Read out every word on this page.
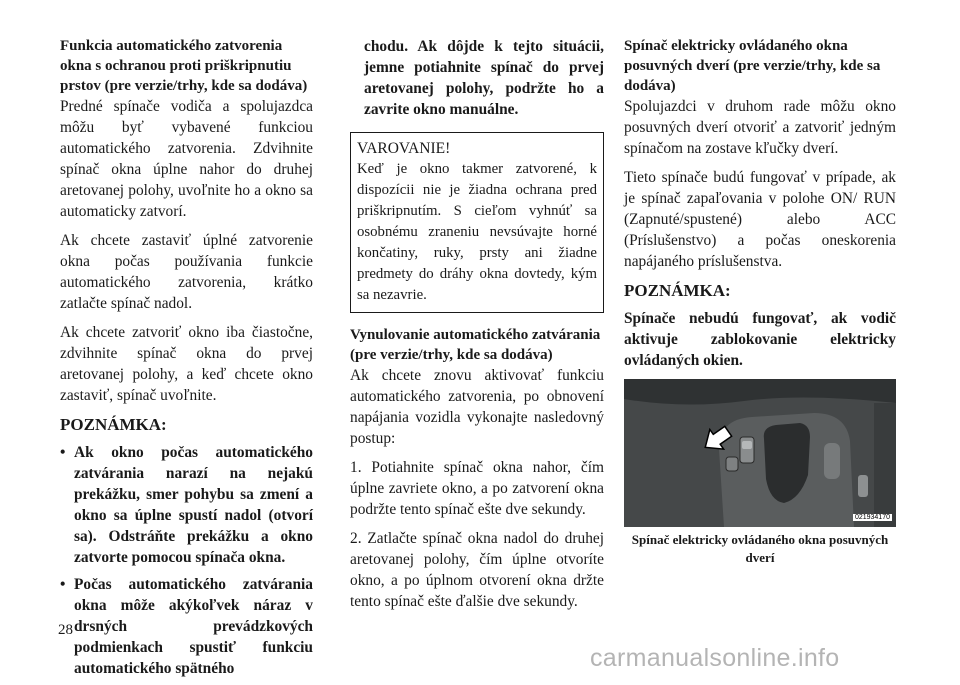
Funkcia automatického zatvorenia okna s ochranou proti priškripnutiu prstov (pre verzie/trhy, kde sa dodáva)

Predné spínače vodiča a spolujazdca môžu byť vybavené funkciou automatického zatvorenia. Zdvihnite spínač okna úplne nahor do druhej aretovanej polohy, uvoľnite ho a okno sa automaticky zatvorí.

Ak chcete zastaviť úplné zatvorenie okna počas používania funkcie automatického zatvorenia, krátko zatlačte spínač nadol.

Ak chcete zatvoriť okno iba čiastočne, zdvihnite spínač okna do prvej aretovanej polohy, a keď chcete okno zastaviť, spínač uvoľnite.

POZNÁMKA:

• Ak okno počas automatického zatvárania narazí na nejakú prekážku, smer pohybu sa zmení a okno sa úplne spustí nadol (otvorí sa). Odstráňte prekážku a okno zatvorte pomocou spínača okna.
• Počas automatického zatvárania okna môže akýkoľvek náraz v drsných prevádzkových podmienkach spustiť funkciu automatického spätného

chodu. Ak dôjde k tejto situácii, jemne potiahnite spínač do prvej aretovanej polohy, podržte ho a zavrite okno manuálne.

VAROVANIE!

Keď je okno takmer zatvorené, k dispozícii nie je žiadna ochrana pred priškripnutím. S cieľom vyhnúť sa osobnému zraneniu nevsúvajte horné končatiny, ruky, prsty ani žiadne predmety do dráhy okna dovtedy, kým sa nezavrie.

Vynulovanie automatického zatvárania (pre verzie/trhy, kde sa dodáva)

Ak chcete znovu aktivovať funkciu automatického zatvorenia, po obnovení napájania vozidla vykonajte nasledovný postup:

1. Potiahnite spínač okna nahor, čím úplne zavriete okno, a po zatvorení okna podržte tento spínač ešte dve sekundy.

2. Zatlačte spínač okna nadol do druhej aretovanej polohy, čím úplne otvoríte okno, a po úplnom otvorení okna držte tento spínač ešte ďalšie dve sekundy.

Spínač elektricky ovládaného okna posuvných dverí (pre verzie/trhy, kde sa dodáva)

Spolujazdci v druhom rade môžu okno posuvných dverí otvoriť a zatvoriť jedným spínačom na zostave kľučky dverí.

Tieto spínače budú fungovať v prípade, ak je spínač zapaľovania v polohe ON/ RUN (Zapnuté/spustené) alebo ACC (Príslušenstvo) a počas oneskorenia napájaného príslušenstva.

POZNÁMKA:

Spínače nebudú fungovať, ak vodič aktivuje zablokovanie elektricky ovládaných okien.

021934170
Spínač elektricky ovládaného okna posuvných dverí
28
carmanualsonline.info
